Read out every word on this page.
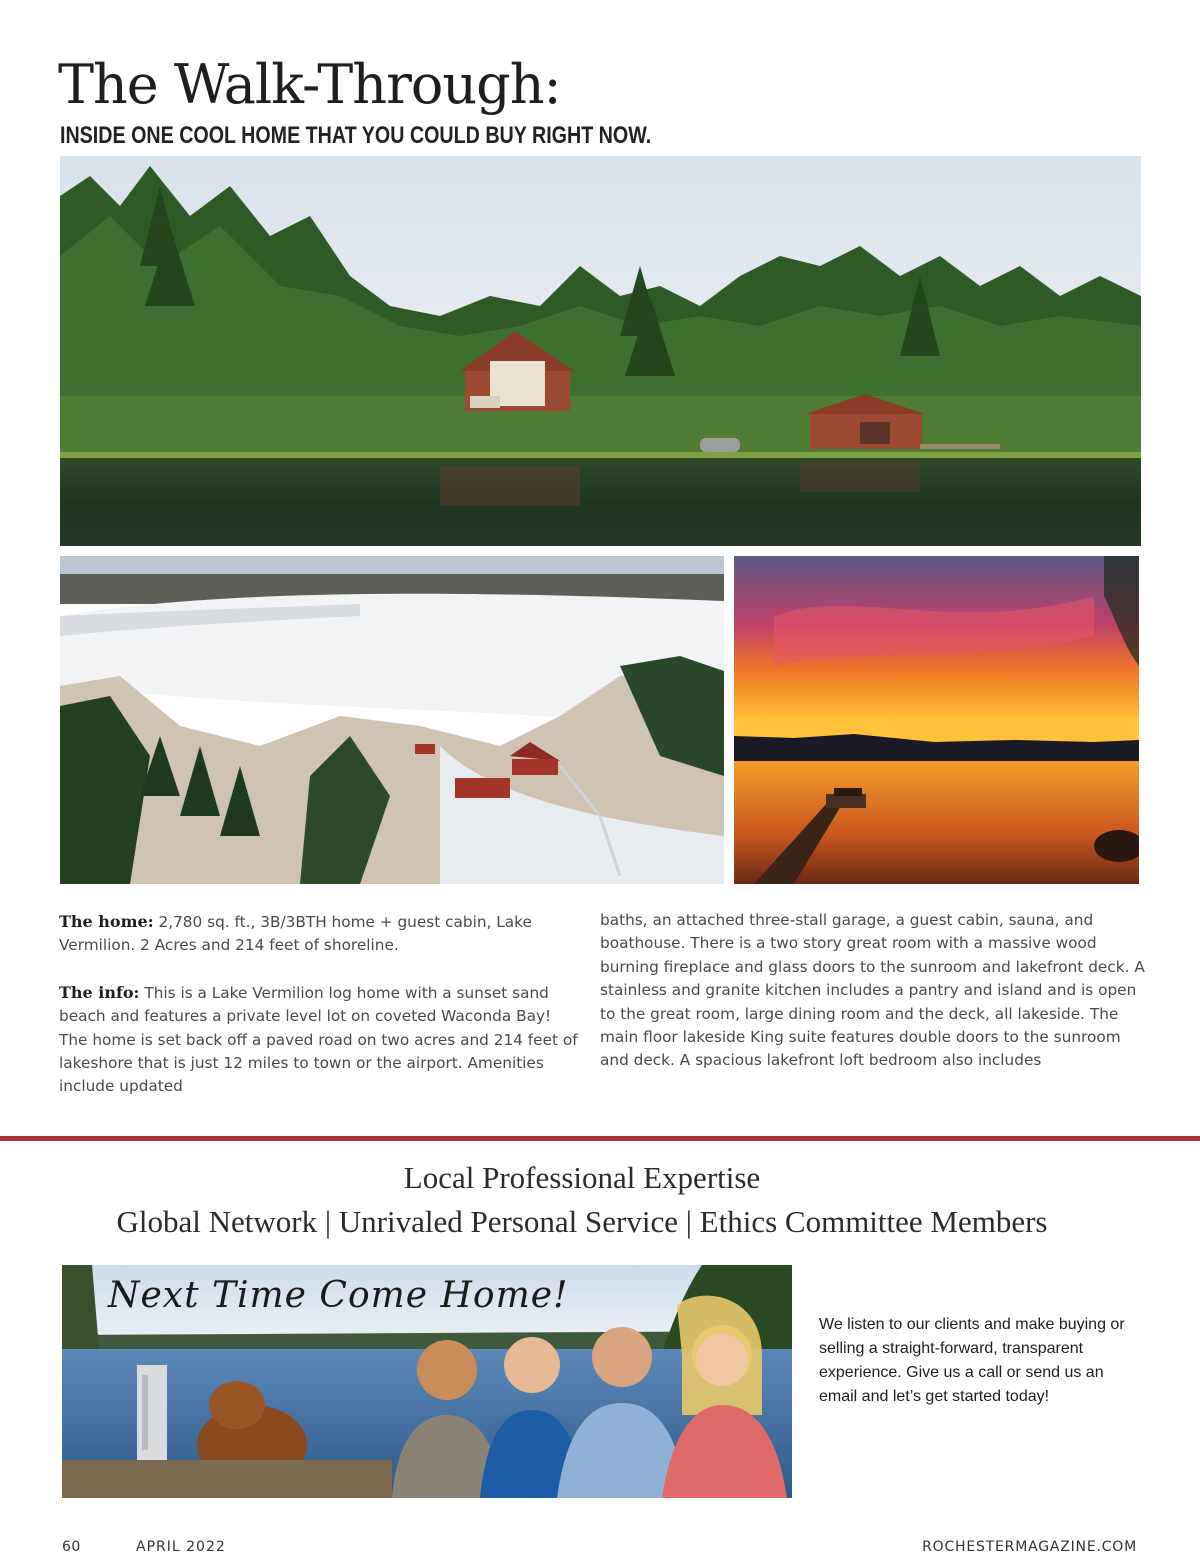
The Walk-Through:
INSIDE ONE COOL HOME THAT YOU COULD BUY RIGHT NOW.

The home: 2,780 sq. ft., 3B/3BTH home + guest cabin, Lake Vermilion. 2 Acres and 214 feet of shoreline.

The info: This is a Lake Vermilion log home with a sunset sand beach and features a private level lot on coveted Waconda Bay! The home is set back off a paved road on two acres and 214 feet of lakeshore that is just 12 miles to town or the airport. Amenities include updated

baths, an attached three-stall garage, a guest cabin, sauna, and boathouse. There is a two story great room with a massive wood burning fireplace and glass doors to the sunroom and lakefront deck. A stainless and granite kitchen includes a pantry and island and is open to the great room, large dining room and the deck, all lakeside. The main floor lakeside King suite features double doors to the sunroom and deck. A spacious lakefront loft bedroom also includes

Local Professional Expertise
Global Network | Unrivaled Personal Service | Ethics Committee Members
Next Time Come Home!
We listen to our clients and make buying or selling a straight-forward, transparent experience. Give us a call or send us an email and let’s get started today!
60	APRIL 2022	ROCHESTERMAGAZINE.COM
